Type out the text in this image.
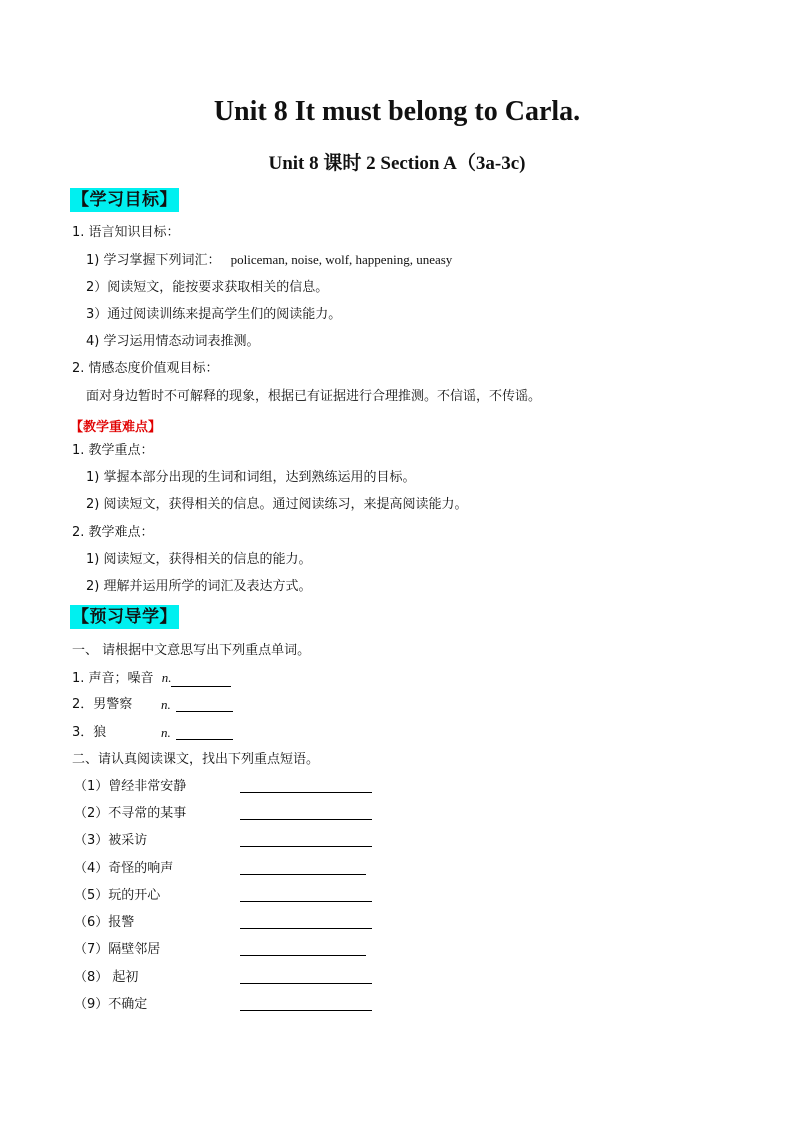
Unit 8 It must belong to Carla.
Unit 8 课时 2 Section A（3a-3c)
【学习目标】
1. 语言知识目标：
1) 学习掌握下列词汇： policeman, noise, wolf, happening, uneasy
2）阅读短文，能按要求获取相关的信息。
3）通过阅读训练来提高学生们的阅读能力。
4) 学习运用情态动词表推测。
2. 情感态度价值观目标：
面对身边暂时不可解释的现象，根据已有证据进行合理推测。不信谣，不传谣。
【教学重难点】
1. 教学重点：
1) 掌握本部分出现的生词和词组，达到熟练运用的目标。
2) 阅读短文，获得相关的信息。通过阅读练习，来提高阅读能力。
2. 教学难点：
1) 阅读短文，获得相关的信息的能力。
2) 理解并运用所学的词汇及表达方式。
【预习导学】
一、 请根据中文意思写出下列重点单词。
1. 声音；噪音 n.
2．男警察 n.
3．狼	n.
二、请认真阅读课文，找出下列重点短语。
（1）曾经非常安静
（2）不寻常的某事
（3）被采访
（4）奇怪的响声
（5）玩的开心
（6）报警
（7）隔壁邻居
（8） 起初
（9）不确定
